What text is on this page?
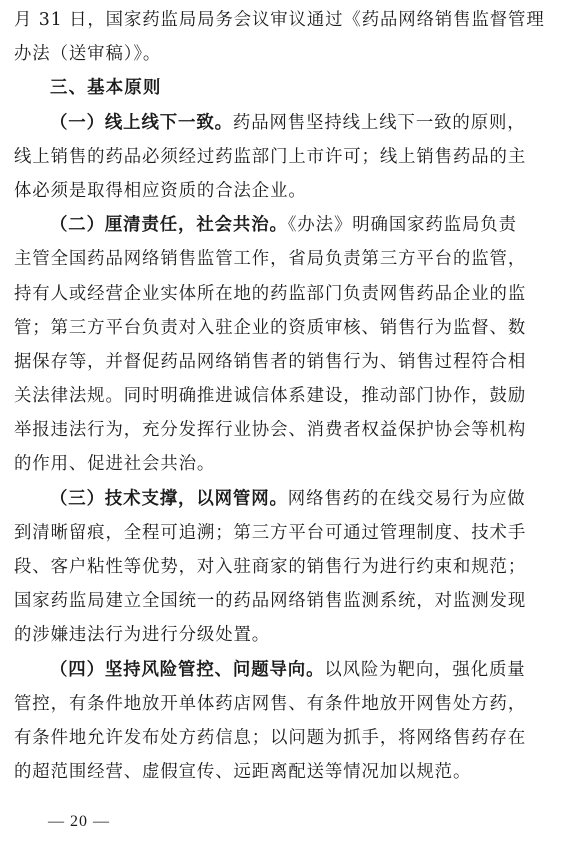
月 31 日，国家药监局局务会议审议通过《药品网络销售监督管理
办法（送审稿）》。
三、基本原则
（一）线上线下一致。药品网售坚持线上线下一致的原则，
线上销售的药品必须经过药监部门上市许可；线上销售药品的主
体必须是取得相应资质的合法企业。
（二）厘清责任，社会共治。《办法》明确国家药监局负责
主管全国药品网络销售监管工作，省局负责第三方平台的监管，
持有人或经营企业实体所在地的药监部门负责网售药品企业的监
管；第三方平台负责对入驻企业的资质审核、销售行为监督、数
据保存等，并督促药品网络销售者的销售行为、销售过程符合相
关法律法规。同时明确推进诚信体系建设，推动部门协作，鼓励
举报违法行为，充分发挥行业协会、消费者权益保护协会等机构
的作用、促进社会共治。
（三）技术支撑，以网管网。网络售药的在线交易行为应做
到清晰留痕，全程可追溯；第三方平台可通过管理制度、技术手
段、客户粘性等优势，对入驻商家的销售行为进行约束和规范；
国家药监局建立全国统一的药品网络销售监测系统，对监测发现
的涉嫌违法行为进行分级处置。
（四）坚持风险管控、问题导向。以风险为靶向，强化质量
管控，有条件地放开单体药店网售、有条件地放开网售处方药，
有条件地允许发布处方药信息；以问题为抓手，将网络售药存在
的超范围经营、虚假宣传、远距离配送等情况加以规范。
— 20 —
